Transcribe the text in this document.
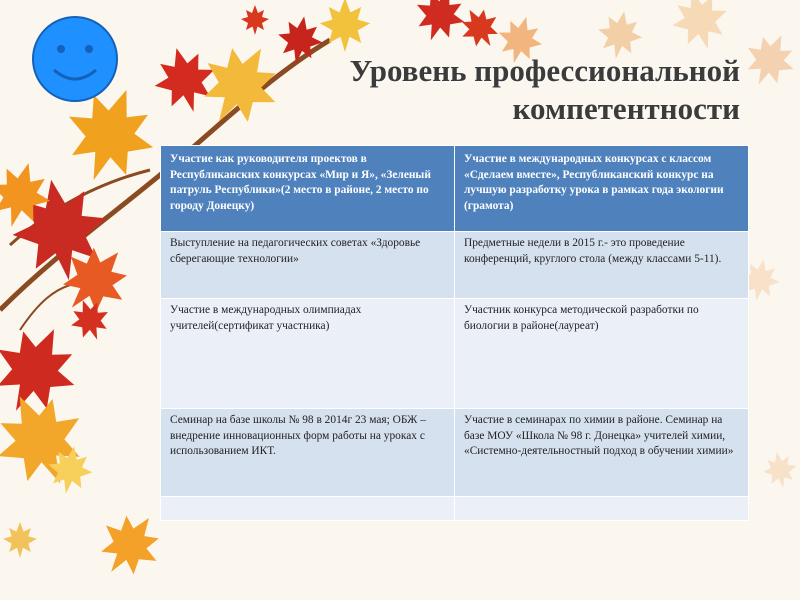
Уровень профессиональной
компетентности
Участие как руководителя проектов в Республиканских конкурсах «Мир и Я», «Зеленый патруль Республики»(2 место в районе, 2 место по городу Донецку)	Участие в международных конкурсах с классом «Сделаем вместе», Республиканский конкурс на лучшую разработку урока в рамках года экологии (грамота)
Выступление на педагогических советах «Здоровье сберегающие технологии»	Предметные недели в 2015 г.- это проведение конференций, круглого стола (между классами 5-11).
Участие в международных олимпиадах учителей(сертификат участника)	Участник конкурса методической разработки по биологии в районе(лауреат)
Семинар на базе школы № 98 в 2014г 23 мая; ОБЖ – внедрение инновационных форм работы на уроках с использованием ИКТ.	Участие в семинарах по химии в районе. Семинар на базе МОУ «Школа № 98 г. Донецка» учителей химии, «Системно-деятельностный подход в обучении химии»
